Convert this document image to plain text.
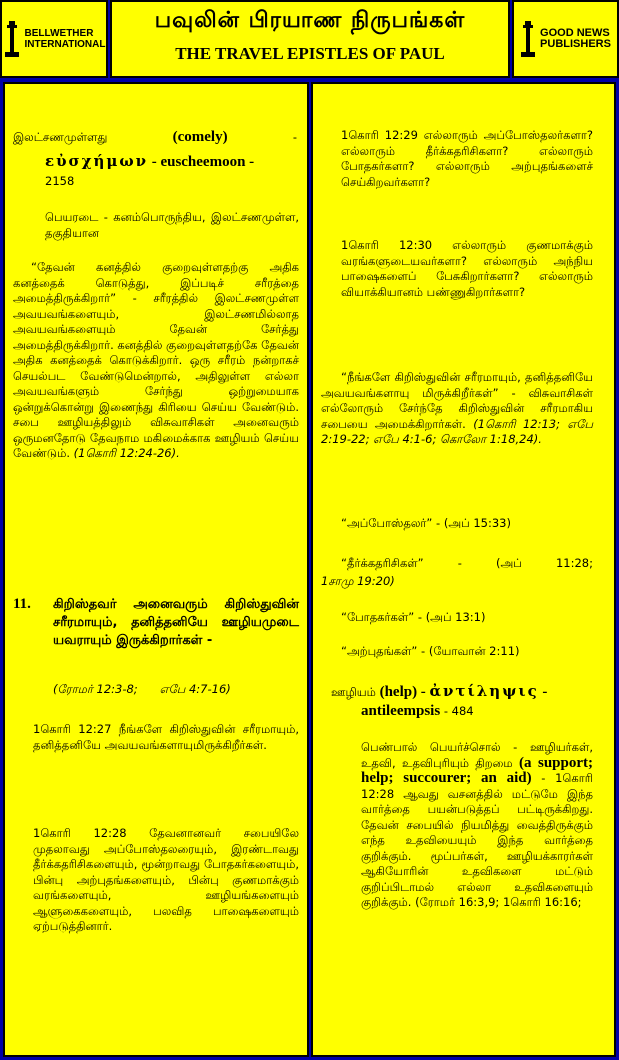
BELLWETHER
INTERNATIONAL
பவுலின் பிரயாண நிருபங்கள்
THE TRAVEL EPISTLES OF PAUL
GOOD NEWS
PUBLISHERS
இலட்சணமுள்ளது	(comely)	-
εὐσχήμων - euscheemoon -
2158
பெயரடை - கனம்பொருந்திய, இலட்சணமுள்ள, தகுதியான
“தேவன் கனத்தில் குறைவுள்ளதற்கு அதிக கனத்தைக் கொடுத்து, இப்படிச் சரீரத்தை அமைத்திருக்கிறார்” - சரீரத்தில் இலட்சணமுள்ள அவயவங்களையும், இலட்சணமில்லாத அவயவங்களையும் தேவன் சேர்த்து அமைத்திருக்கிறார். கனத்தில் குறைவுள்ளதற்கே தேவன் அதிக கனத்தைக் கொடுக்கிறார். ஒரு சரீரம் நன்றாகச் செயல்பட வேண்டுமென்றால், அதிலுள்ள எல்லா அவயவங்களும் சேர்ந்து ஒற்றுமையாக ஒன்றுக்கொன்று இணைந்து கிரியை செய்ய வேண்டும். சபை ஊழியத்திலும் விசுவாசிகள் அனைவரும் ஒருமனதோடு தேவநாம மகிமைக்காக ஊழியம் செய்ய வேண்டும். (1கொரி 12:24-26).
11. கிறிஸ்தவர் அனைவரும் கிறிஸ்துவின் சரீரமாயும், தனித்தனியே ஊழியமுடை யவராயும் இருக்கிறார்கள் -
(ரோமர் 12:3-8;      எபே 4:7-16)
1கொரி 12:27 நீங்களே கிறிஸ்துவின் சரீரமாயும், தனித்தனியே அவயவங்களாயுமிருக்கிறீர்கள்.
1கொரி 12:28 தேவனானவர் சபையிலே முதலாவது அப்போஸ்தலரையும், இரண்டாவது தீர்க்கதரிசிகளையும், மூன்றாவது போதகர்களையும், பின்பு அற்புதங்களையும், பின்பு குணமாக்கும் வரங்களையும், ஊழியங்களையும் ஆளுகைகளையும், பலவித பாஷைகளையும் ஏற்படுத்தினார்.
1கொரி 12:29 எல்லாரும் அப்போஸ்தலர்களா? எல்லாரும் தீர்க்கதரிசிகளா? எல்லாரும் போதகர்களா? எல்லாரும் அற்புதங்களைச் செய்கிறவர்களா?
1கொரி 12:30 எல்லாரும் குணமாக்கும் வரங்களுடையவர்களா? எல்லாரும் அந்நிய பாஷைகளைப் பேசுகிறார்களா? எல்லாரும் வியாக்கியானம் பண்ணுகிறார்களா?
“நீங்களே கிறிஸ்துவின் சரீரமாயும், தனித்தனியே அவயவங்களாயு மிருக்கிறீர்கள்” - விசுவாசிகள் எல்லோரும் சேர்ந்தே கிறிஸ்துவின் சரீரமாகிய சபையை அமைக்கிறார்கள். (1கொரி 12:13; எபே 2:19-22; எபே 4:1-6; கொலோ 1:18,24).
“அப்போஸ்தலர்” - (அப் 15:33)
“தீர்க்கதரிசிகள்” - (அப் 11:28;
1சாமு 19:20)
“போதகர்கள்” - (அப் 13:1)
“அற்புதங்கள்” - (யோவான் 2:11)
ஊழியம் (help) - ἀντίληψις -
antileempsis - 484
பெண்பால் பெயர்ச்சொல் - ஊழியர்கள், உதவி, உதவிபுரியும் திறமை (a support; help; succourer; an aid) - 1கொரி 12:28 ஆவது வசனத்தில் மட்டுமே இந்த வார்த்தை பயன்படுத்தப் பட்டிருக்கிறது. தேவன் சபையில் நியமித்து வைத்திருக்கும் எந்த உதவியையும் இந்த வார்த்தை குறிக்கும். மூப்பர்கள், ஊழியக்காரர்கள் ஆகியோரின் உதவிகளை மட்டும் குறிப்பிடாமல் எல்லா உதவிகளையும் குறிக்கும். (ரோமர் 16:3,9; 1கொரி 16:16;
